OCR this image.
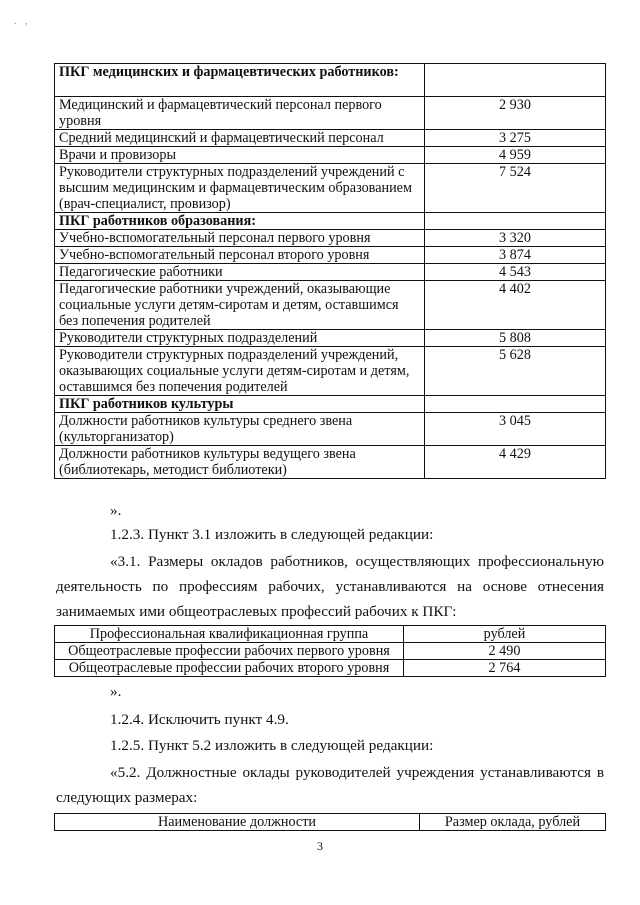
. ,
ПКГ медицинских и фармацевтических работников:	
Медицинский и фармацевтический персонал первого уровня	2 930
Средний медицинский и фармацевтический персонал	3 275
Врачи и провизоры	4 959
Руководители структурных подразделений учреждений с высшим медицинским и фармацевтическим образованием (врач-специалист, провизор)	7 524
ПКГ работников образования:	
Учебно-вспомогательный персонал первого уровня	3 320
Учебно-вспомогательный персонал второго уровня	3 874
Педагогические работники	4 543
Педагогические работники учреждений, оказывающие социальные услуги детям-сиротам и детям, оставшимся без попечения родителей	4 402
Руководители структурных подразделений	5 808
Руководители структурных подразделений учреждений, оказывающих социальные услуги детям-сиротам и детям, оставшимся без попечения родителей	5 628
ПКГ работников культуры	
Должности работников культуры среднего звена (культорганизатор)	3 045
Должности работников культуры ведущего звена (библиотекарь, методист библиотеки)	4 429
».
1.2.3. Пункт 3.1 изложить в следующей редакции:
«3.1. Размеры окладов работников, осуществляющих профессиональную
деятельность по профессиям рабочих, устанавливаются на основе отнесения
занимаемых ими общеотраслевых профессий рабочих к ПКГ:
Профессиональная квалификационная группа	рублей
Общеотраслевые профессии рабочих первого уровня	2 490
Общеотраслевые профессии рабочих второго уровня	2 764
».
1.2.4. Исключить пункт 4.9.
1.2.5. Пункт 5.2 изложить в следующей редакции:
«5.2. Должностные оклады руководителей учреждения устанавливаются в
следующих размерах:
Наименование должности	Размер оклада, рублей
3
